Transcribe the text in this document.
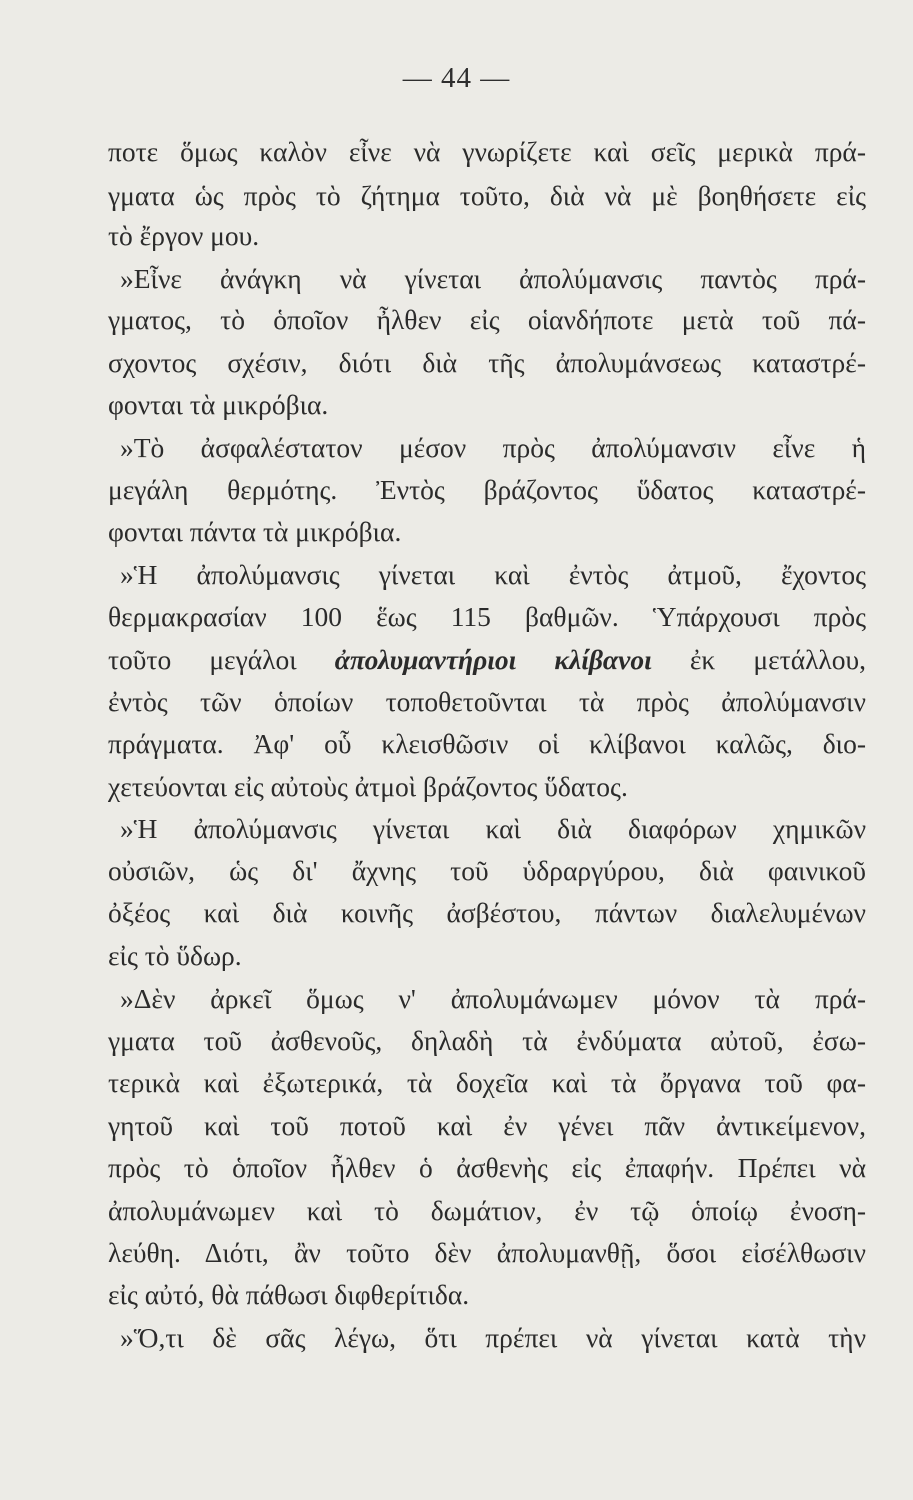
— 44 —
ποτε ὅμως καλὸν εἶνε νὰ γνωρίζετε καὶ σεῖς μερικὰ πρά-
γματα ὡς πρὸς τὸ ζήτημα τοῦτο, διὰ νὰ μὲ βοηθήσετε εἰς
τὸ ἔργον μου.
»Εἶνε ἀνάγκη νὰ γίνεται ἀπολύμανσις παντὸς πρά-
γματος, τὸ ὁποῖον ἦλθεν εἰς οἱανδήποτε μετὰ τοῦ πά-
σχοντος σχέσιν, διότι διὰ τῆς ἀπολυμάνσεως καταστρέ-
φονται τὰ μικρόβια.
»Τὸ ἀσφαλέστατον μέσον πρὸς ἀπολύμανσιν εἶνε ἡ
μεγάλη θερμότης. Ἐντὸς βράζοντος ὕδατος καταστρέ-
φονται πάντα τὰ μικρόβια.
»Ἡ ἀπολύμανσις γίνεται καὶ ἐντὸς ἀτμοῦ, ἔχοντος
θερμακρασίαν 100 ἕως 115 βαθμῶν. Ὑπάρχουσι πρὸς
τοῦτο μεγάλοι ἀπολυμαντήριοι κλίβανοι ἐκ μετάλλου,
ἐντὸς τῶν ὁποίων τοποθετοῦνται τὰ πρὸς ἀπολύμανσιν
πράγματα. Ἀφ' οὗ κλεισθῶσιν οἱ κλίβανοι καλῶς, διο-
χετεύονται εἰς αὐτοὺς ἀτμοὶ βράζοντος ὕδατος.
»Ἡ ἀπολύμανσις γίνεται καὶ διὰ διαφόρων χημικῶν
οὐσιῶν, ὡς δι' ἄχνης τοῦ ὑδραργύρου, διὰ φαινικοῦ
ὀξέος καὶ διὰ κοινῆς ἀσβέστου, πάντων διαλελυμένων
εἰς τὸ ὕδωρ.
»Δὲν ἀρκεῖ ὅμως ν' ἀπολυμάνωμεν μόνον τὰ πρά-
γματα τοῦ ἀσθενοῦς, δηλαδὴ τὰ ἐνδύματα αὐτοῦ, ἐσω-
τερικὰ καὶ ἐξωτερικά, τὰ δοχεῖα καὶ τὰ ὄργανα τοῦ φα-
γητοῦ καὶ τοῦ ποτοῦ καὶ ἐν γένει πᾶν ἀντικείμενον,
πρὸς τὸ ὁποῖον ἦλθεν ὁ ἀσθενὴς εἰς ἐπαφήν. Πρέπει νὰ
ἀπολυμάνωμεν καὶ τὸ δωμάτιον, ἐν τῷ ὁποίῳ ἐνοση-
λεύθη. Διότι, ἂν τοῦτο δὲν ἀπολυμανθῇ, ὅσοι εἰσέλθωσιν
εἰς αὐτό, θὰ πάθωσι διφθερίτιδα.
»Ὅ,τι δὲ σᾶς λέγω, ὅτι πρέπει νὰ γίνεται κατὰ τὴν
